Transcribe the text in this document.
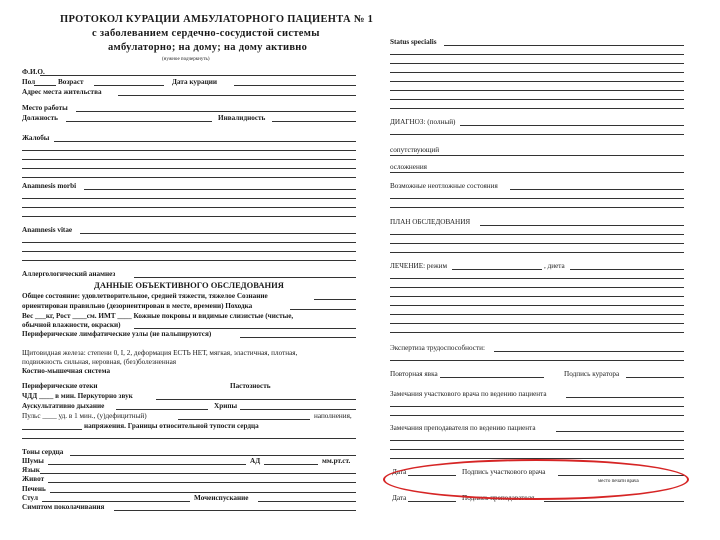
ПРОТОКОЛ КУРАЦИИ АМБУЛАТОРНОГО ПАЦИЕНТА № 1
с заболеванием сердечно-сосудистой системы
амбулаторно; на дому; на дому активно
(нужное подчеркнуть)
Ф.И.О.
Пол	Возраст	Дата курации
Адрес места жительства
Место работы
Должность	Инвалидность
Жалобы
Anamnesis morbi
Anamnesis vitae
Аллергологический анамнез
ДАННЫЕ ОБЪЕКТИВНОГО ОБСЛЕДОВАНИЯ
Общее состояние: удовлетворительное, средней тяжести, тяжелое Сознание
ориентирован правильно (дезориентирован в месте, времени) Походка
Вес ___кг, Рост ____см. ИМТ ____ Кожные покровы и видимые слизистые (чистые,
обычной влажности, окраски)
Периферические лимфатические узлы (не пальпируются)
Щитовидная железа: степени 0, I, 2, деформация ЕСТЬ НЕТ, мягкая, эластичная, плотная,
подвижность сильная, неровная, (без)болезненная
Костно-мышечная система
Периферические отеки	Пастозность
ЧДД ____ в мин. Перкуторно звук
Аускультативно дыхание	Хрипы
Пульс ____ уд. в 1 мин., (у)дефицитный)	наполнения,
напряжения. Границы относительной тупости сердца
Тоны сердца
Шумы	АД	мм.рт.ст.
Язык
Живот
Печень
Стул	Мочеиспускание
Симптом поколачивания
Status specialis
ДИАГНОЗ: (полный)
сопутствующий
осложнения
Возможные неотложные состояния
ПЛАН ОБСЛЕДОВАНИЯ
ЛЕЧЕНИЕ: режим	, диета
Экспертиза трудоспособности:
Повторная явка	Подпись куратора
Замечания участкового врача по ведению пациента
Замечания преподавателя по ведению пациента
Дата	Подпись участкового врача
место печати врача
Дата	Подпись преподавателя
